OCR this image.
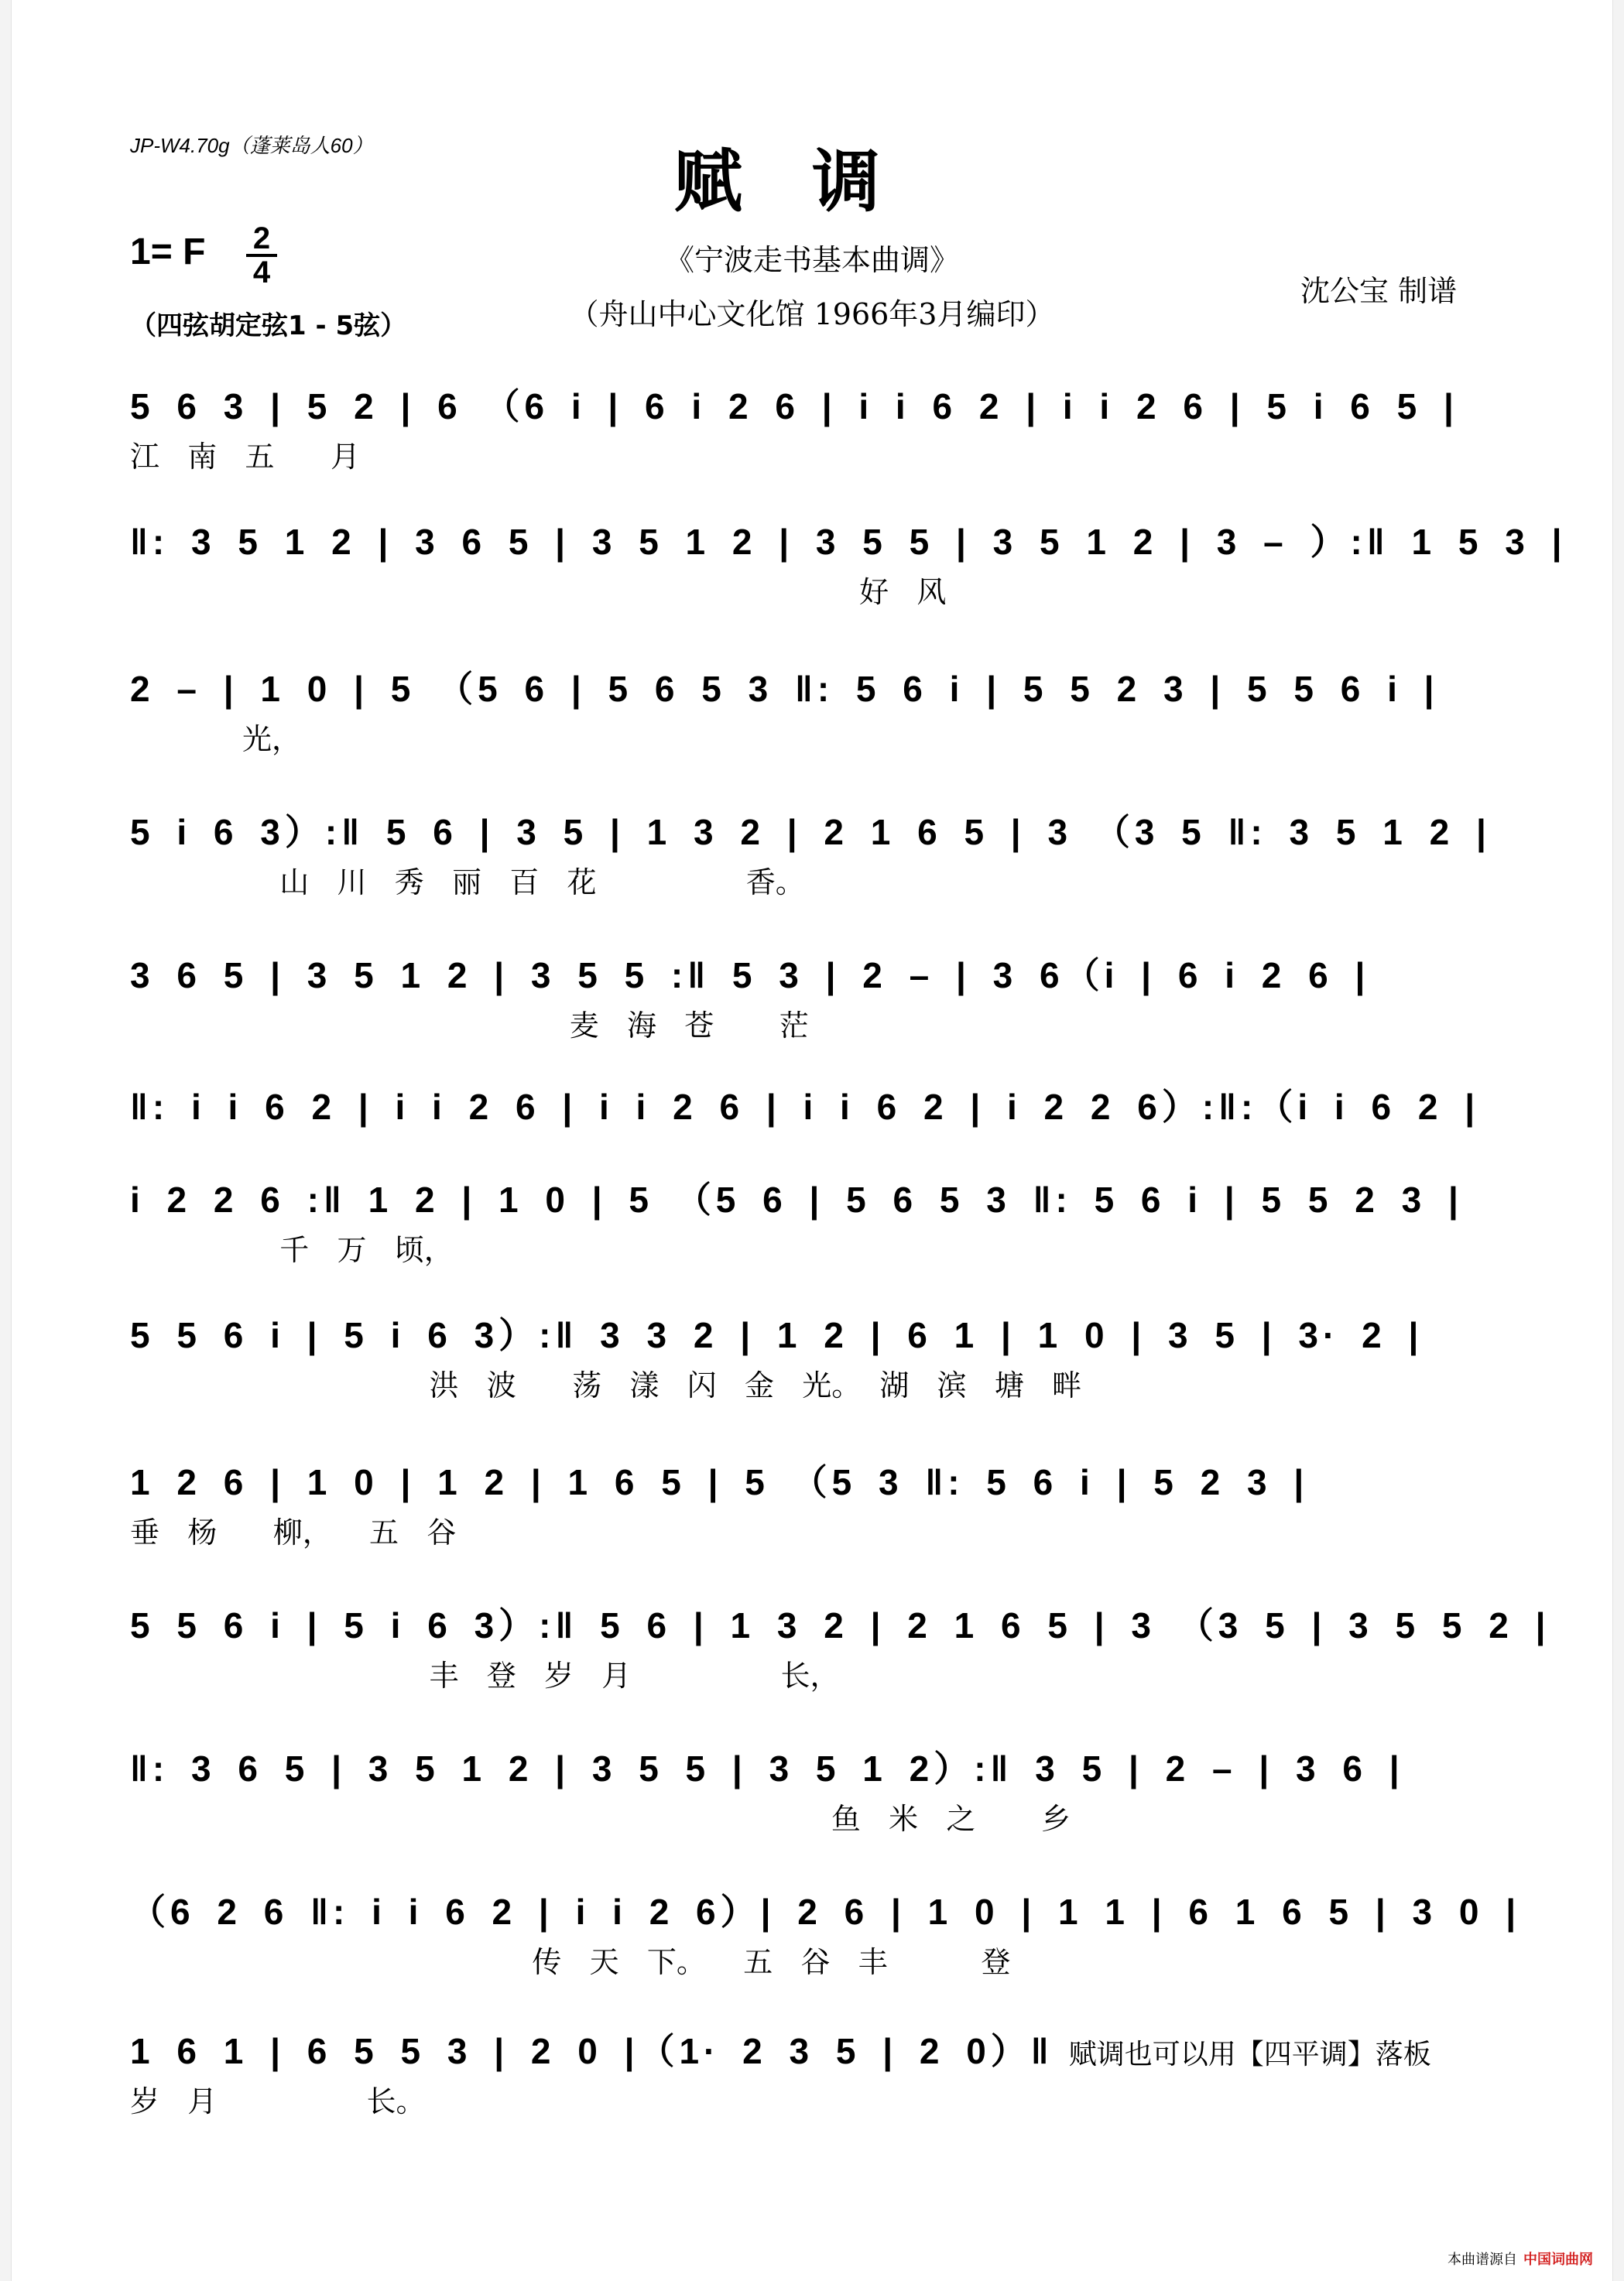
JP-W4.70g（蓬莱岛人60）	赋调
1= F 2
4
（四弦胡定弦1 - 5弦）
《宁波走书基本曲调》
（舟山中心文化馆 1966年3月编印）
沈公宝 制谱
5 6 3 | 5 2 | 6 （6 i | 6 i 2 6 | i i 6 2 | i i 2 6 | 5 i 6 5 |
江   南   五      月
‖: 3 5 1 2 | 3 6 5 | 3 5 1 2 | 3 5 5 | 3 5 1 2 | 3 – ）:‖ 1 5 3 |
好   风
2 – | 1 0 | 5 （5 6 | 5 6 5 3 ‖: 5 6 i | 5 5 2 3 | 5 5 6 i |
光，
5 i 6 3）:‖ 5 6 | 3 5 | 1 3 2 | 2 1 6 5 | 3 （3 5 ‖: 3 5 1 2 |
山   川   秀   丽   百   花                香。
3 6 5 | 3 5 1 2 | 3 5 5 :‖ 5 3 | 2 – | 3 6（i | 6 i 2 6 |
麦   海   苍       茫
‖: i i 6 2 | i i 2 6 | i i 2 6 | i i 6 2 | i 2 2 6）:‖:（i i 6 2 |
i 2 2 6 :‖ 1 2 | 1 0 | 5 （5 6 | 5 6 5 3 ‖: 5 6 i | 5 5 2 3 |
千   万   顷，
5 5 6 i | 5 i 6 3）:‖ 3 3 2 | 1 2 | 6 1 | 1 0 | 3 5 | 3· 2 |
洪   波      荡   漾   闪   金   光。  湖   滨   塘   畔
1 2 6 | 1 0 | 1 2 | 1 6 5 | 5 （5 3 ‖: 5 6 i | 5 2 3 |
垂   杨      柳，    五   谷
5 5 6 i | 5 i 6 3）:‖ 5 6 | 1 3 2 | 2 1 6 5 | 3 （3 5 | 3 5 5 2 |
丰   登   岁   月                长，
‖: 3 6 5 | 3 5 1 2 | 3 5 5 | 3 5 1 2）:‖ 3 5 | 2 – | 3 6 |
鱼   米   之       乡
（6 2 6 ‖: i i 6 2 | i i 2 6）| 2 6 | 1 0 | 1 1 | 6 1 6 5 | 3 0 |
传   天   下。    五   谷   丰          登
1 6 1 | 6 5 5 3 | 2 0 |（1· 2 3 5 | 2 0）‖ 赋调也可以用【四平调】落板
岁   月                长。
本曲谱源自 中国词曲网
